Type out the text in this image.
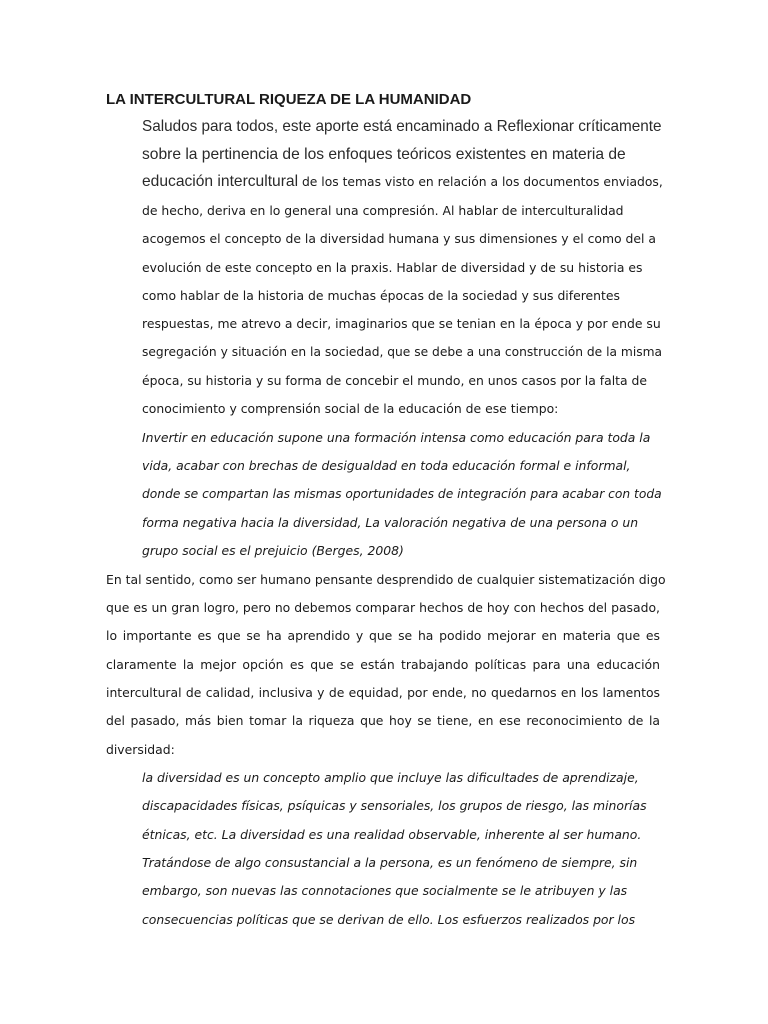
LA INTERCULTURAL RIQUEZA DE LA HUMANIDAD
Saludos para todos, este aporte está encaminado a Reflexionar críticamente
sobre la pertinencia de los enfoques teóricos existentes en materia de
educación intercultural de los temas visto en relación a los documentos enviados,
de hecho, deriva en lo general una compresión. Al hablar de interculturalidad
acogemos el concepto de la diversidad humana y sus dimensiones y el como del a
evolución de este concepto en la praxis. Hablar de diversidad y de su historia es
como hablar de la historia de muchas épocas de la sociedad y sus diferentes
respuestas, me atrevo a decir, imaginarios que se tenian en la época y por ende su
segregación y situación en la sociedad, que se debe a una construcción de la misma
época, su historia y su forma de concebir el mundo, en unos casos por la falta de
conocimiento y comprensión social de la educación de ese tiempo:
Invertir en educación supone una formación intensa como educación para toda la
vida, acabar con brechas de desigualdad en toda educación formal e informal,
donde se compartan las mismas oportunidades de integración para acabar con toda
forma negativa hacia la diversidad, La valoración negativa de una persona o un
grupo social es el prejuicio (Berges, 2008)
En tal sentido, como ser humano pensante desprendido de cualquier sistematización digo
que es un gran logro, pero no debemos comparar hechos de hoy con hechos del pasado,
lo importante es que se ha aprendido y que se ha podido mejorar en materia que es
claramente la mejor opción es que se están trabajando políticas para una educación
intercultural de calidad, inclusiva y de equidad, por ende, no quedarnos en los lamentos
del pasado, más bien tomar la riqueza que hoy se tiene, en ese reconocimiento de la
diversidad:
la diversidad es un concepto amplio que incluye las dificultades de aprendizaje,
discapacidades físicas, psíquicas y sensoriales, los grupos de riesgo, las minorías
étnicas, etc. La diversidad es una realidad observable, inherente al ser humano.
Tratándose de algo consustancial a la persona, es un fenómeno de siempre, sin
embargo, son nuevas las connotaciones que socialmente se le atribuyen y las
consecuencias políticas que se derivan de ello. Los esfuerzos realizados por los
